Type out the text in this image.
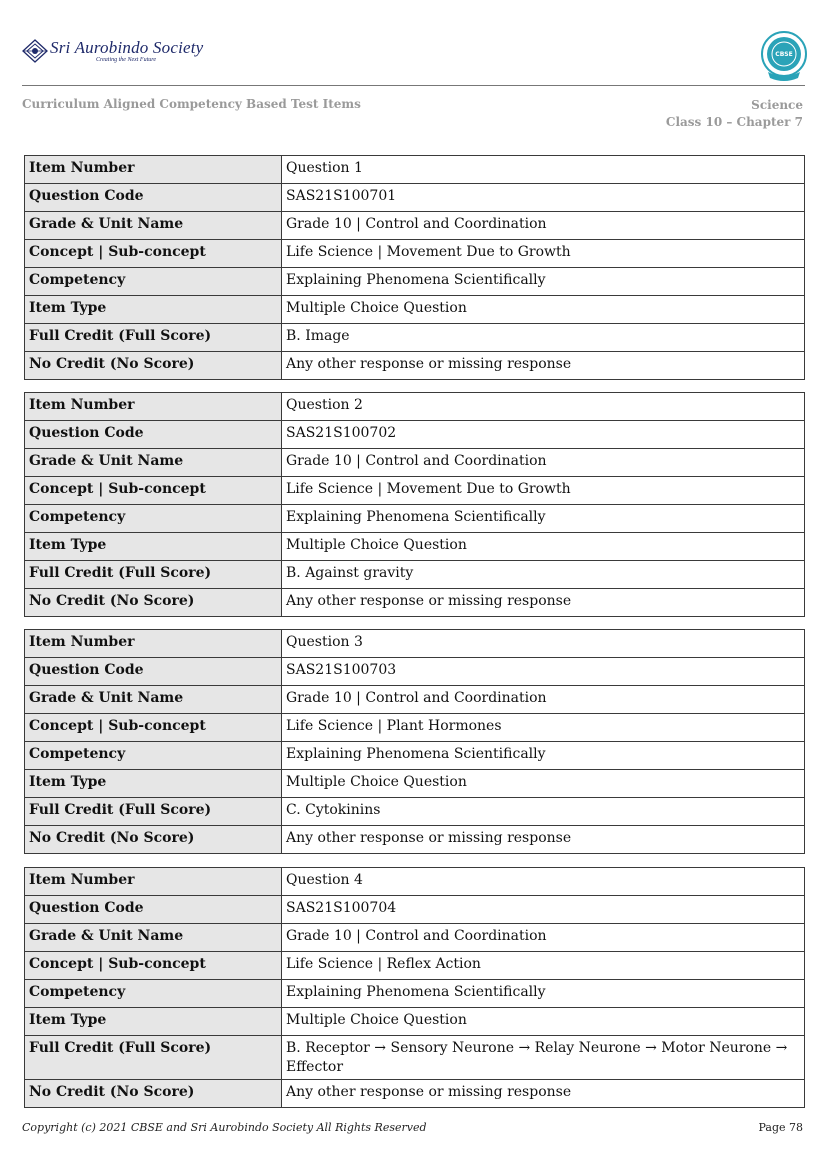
Sri Aurobindo Society
Creating the Next Future
CBSE
Curriculum Aligned Competency Based Test Items	Science
Class 10 – Chapter 7
Item Number	Question 1
Question Code	SAS21S100701
Grade & Unit Name	Grade 10 | Control and Coordination
Concept | Sub-concept	Life Science | Movement Due to Growth
Competency	Explaining Phenomena Scientifically
Item Type	Multiple Choice Question
Full Credit (Full Score)	B. Image
No Credit (No Score)	Any other response or missing response
Item Number	Question 2
Question Code	SAS21S100702
Grade & Unit Name	Grade 10 | Control and Coordination
Concept | Sub-concept	Life Science | Movement Due to Growth
Competency	Explaining Phenomena Scientifically
Item Type	Multiple Choice Question
Full Credit (Full Score)	B. Against gravity
No Credit (No Score)	Any other response or missing response
Item Number	Question 3
Question Code	SAS21S100703
Grade & Unit Name	Grade 10 | Control and Coordination
Concept | Sub-concept	Life Science | Plant Hormones
Competency	Explaining Phenomena Scientifically
Item Type	Multiple Choice Question
Full Credit (Full Score)	C. Cytokinins
No Credit (No Score)	Any other response or missing response
Item Number	Question 4
Question Code	SAS21S100704
Grade & Unit Name	Grade 10 | Control and Coordination
Concept | Sub-concept	Life Science | Reflex Action
Competency	Explaining Phenomena Scientifically
Item Type	Multiple Choice Question
Full Credit (Full Score)	B. Receptor → Sensory Neurone → Relay Neurone → Motor Neurone → Effector
No Credit (No Score)	Any other response or missing response
Copyright (c) 2021 CBSE and Sri Aurobindo Society All Rights Reserved	Page 78
